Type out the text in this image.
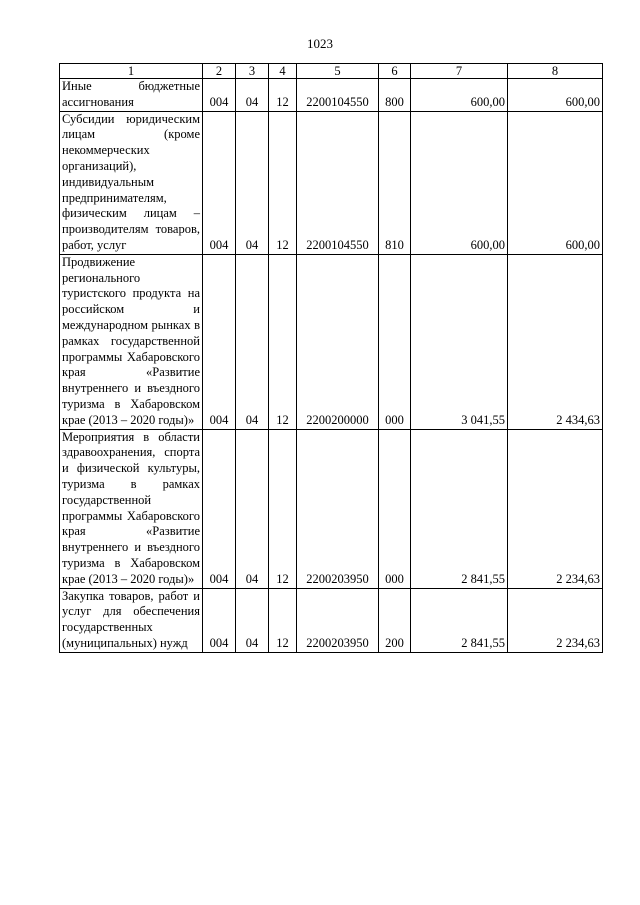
1023
1	2	3	4	5	6	7	8
Иные бюджетные ассигнования	004	04	12	2200104550	800	600,00	600,00
Субсидии юридическим лицам (кроме некоммерческих организаций), индивидуальным предпринимателям, физическим лицам – производителям товаров, работ, услуг	004	04	12	2200104550	810	600,00	600,00
Продвижение регионального туристского продукта на российском и международном рынках в рамках государственной программы Хабаровского края «Развитие внутреннего и въездного туризма в Хабаровском крае (2013 – 2020 годы)»	004	04	12	2200200000	000	3 041,55	2 434,63
Мероприятия в области здравоохранения, спорта и физической культуры, туризма в рамках государственной программы Хабаровского края «Развитие внутреннего и въездного туризма в Хабаровском крае (2013 – 2020 годы)»	004	04	12	2200203950	000	2 841,55	2 234,63
Закупка товаров, работ и услуг для обеспечения государственных (муниципальных) нужд	004	04	12	2200203950	200	2 841,55	2 234,63
